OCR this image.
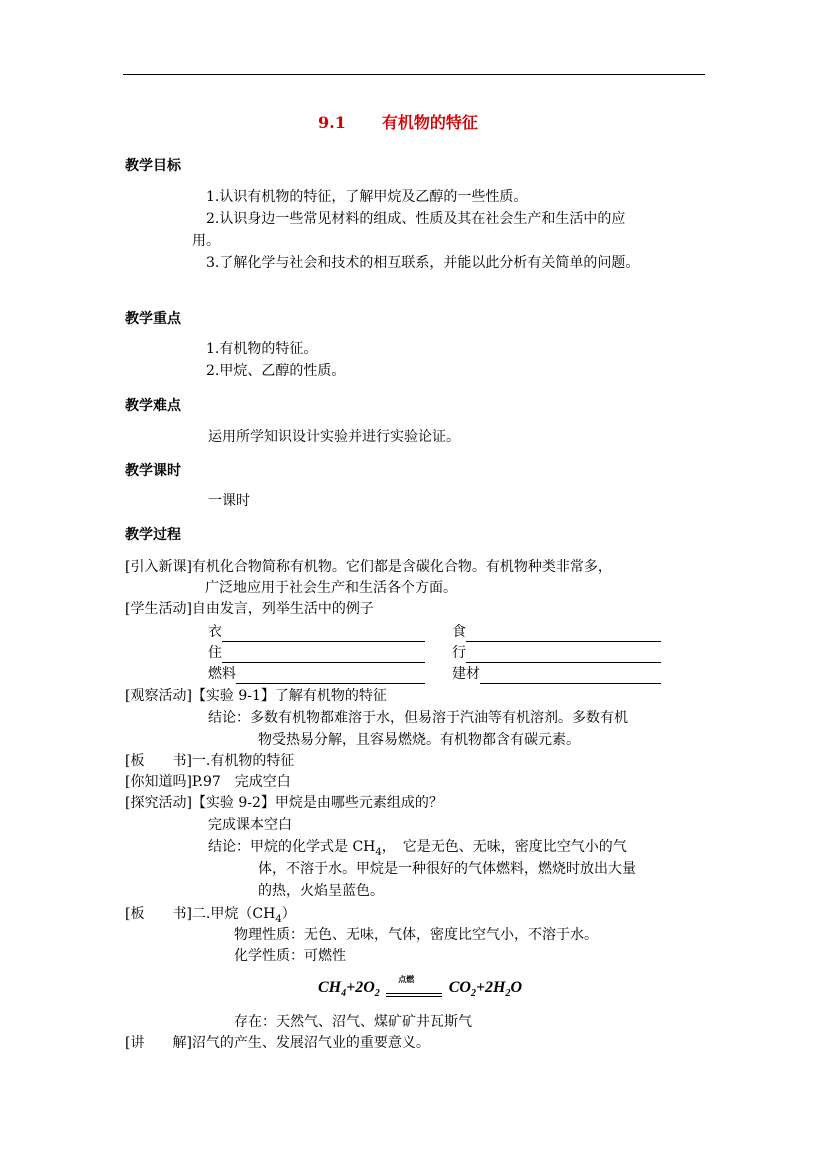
9.1 有机物的特征
教学目标
1.认识有机物的特征，了解甲烷及乙醇的一些性质。
2.认识身边一些常见材料的组成、性质及其在社会生产和生活中的应
用。
3.了解化学与社会和技术的相互联系，并能以此分析有关简单的问题。
教学重点
1.有机物的特征。
2.甲烷、乙醇的性质。
教学难点
运用所学知识设计实验并进行实验论证。
教学课时
一课时
教学过程
[引入新课]有机化合物简称有机物。它们都是含碳化合物。有机物种类非常多，
广泛地应用于社会生产和生活各个方面。
[学生活动]自由发言，列举生活中的例子
衣	食
住	行
燃料	建材
[观察活动]【实验 9-1】了解有机物的特征
结论：多数有机物都难溶于水，但易溶于汽油等有机溶剂。多数有机
物受热易分解，且容易燃烧。有机物都含有碳元素。
[板　　书]一.有机物的特征
[你知道吗]P.97　完成空白
[探究活动]【实验 9-2】甲烷是由哪些元素组成的？
完成课本空白
结论：甲烷的化学式是 $CH_4$，　它是无色、无味，密度比空气小的气
体，不溶于水。甲烷是一种很好的气体燃料，燃烧时放出大量
的热，火焰呈蓝色。
[板　　书]二.甲烷$(CH_4)$
物理性质：无色、无味，气体，密度比空气小，不溶于水。
化学性质：可燃性
$CH_4+2O_2$
点燃 $CO_2+2H_2O$
存在：天然气、沼气、煤矿矿井瓦斯气
[讲　　解]沼气的产生、发展沼气业的重要意义。
